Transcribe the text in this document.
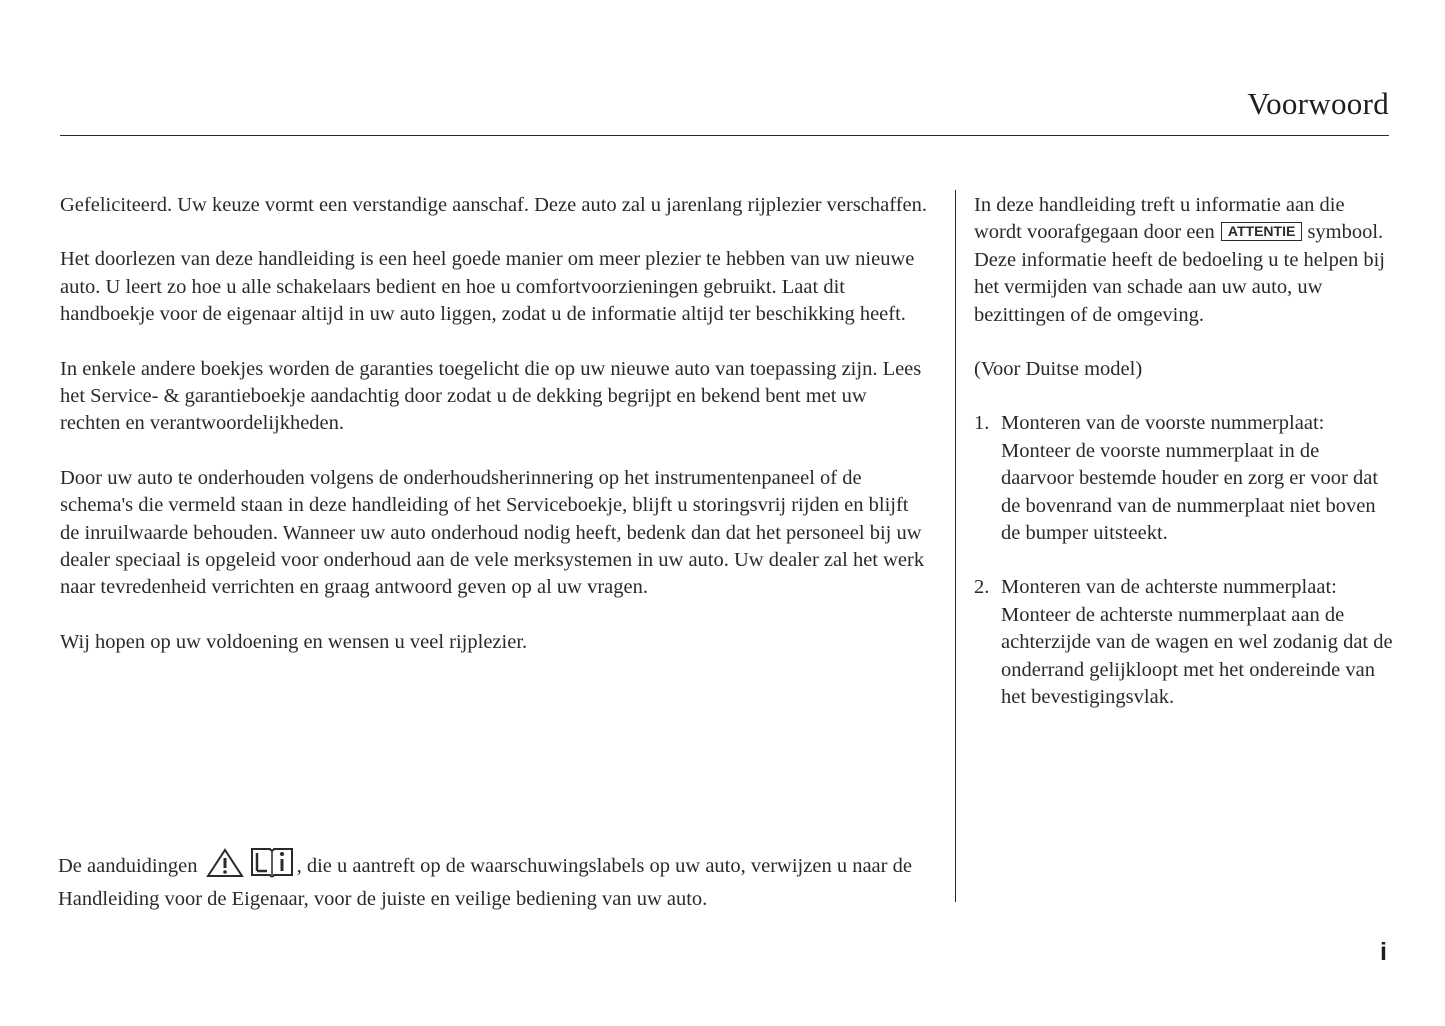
Voorwoord

Gefeliciteerd. Uw keuze vormt een verstandige aanschaf. Deze auto zal u jarenlang rijplezier verschaffen.

Het doorlezen van deze handleiding is een heel goede manier om meer plezier te hebben van uw nieuwe auto. U leert zo hoe u alle schakelaars bedient en hoe u comfortvoorzieningen gebruikt. Laat dit handboekje voor de eigenaar altijd in uw auto liggen, zodat u de informatie altijd ter beschikking heeft.

In enkele andere boekjes worden de garanties toegelicht die op uw nieuwe auto van toepassing zijn. Lees het Service- & garantieboekje aandachtig door zodat u de dekking begrijpt en bekend bent met uw rechten en verantwoordelijkheden.

Door uw auto te onderhouden volgens de onderhoudsherinnering op het instrumentenpaneel of de schema's die vermeld staan in deze handleiding of het Serviceboekje, blijft u storingsvrij rijden en blijft de inruilwaarde behouden. Wanneer uw auto onderhoud nodig heeft, bedenk dan dat het personeel bij uw dealer speciaal is opgeleid voor onderhoud aan de vele merksystemen in uw auto. Uw dealer zal het werk naar tevredenheid verrichten en graag antwoord geven op al uw vragen.

Wij hopen op uw voldoening en wensen u veel rijplezier.

In deze handleiding treft u informatie aan die wordt voorafgegaan door een ATTENTIE symbool. Deze informatie heeft de bedoeling u te helpen bij het vermijden van schade aan uw auto, uw bezittingen of de omgeving.

(Voor Duitse model)

1. Monteren van de voorste nummerplaat: Monteer de voorste nummerplaat in de daarvoor bestemde houder en zorg er voor dat de bovenrand van de nummerplaat niet boven de bumper uitsteekt.
2. Monteren van de achterste nummerplaat: Monteer de achterste nummerplaat aan de achterzijde van de wagen en wel zodanig dat de onderrand gelijkloopt met het ondereinde van het bevestigingsvlak.
De aanduidingen	, die u aantreft op de waarschuwingslabels op uw auto, verwijzen u naar de Handleiding voor de Eigenaar, voor de juiste en veilige bediening van uw auto.
i
